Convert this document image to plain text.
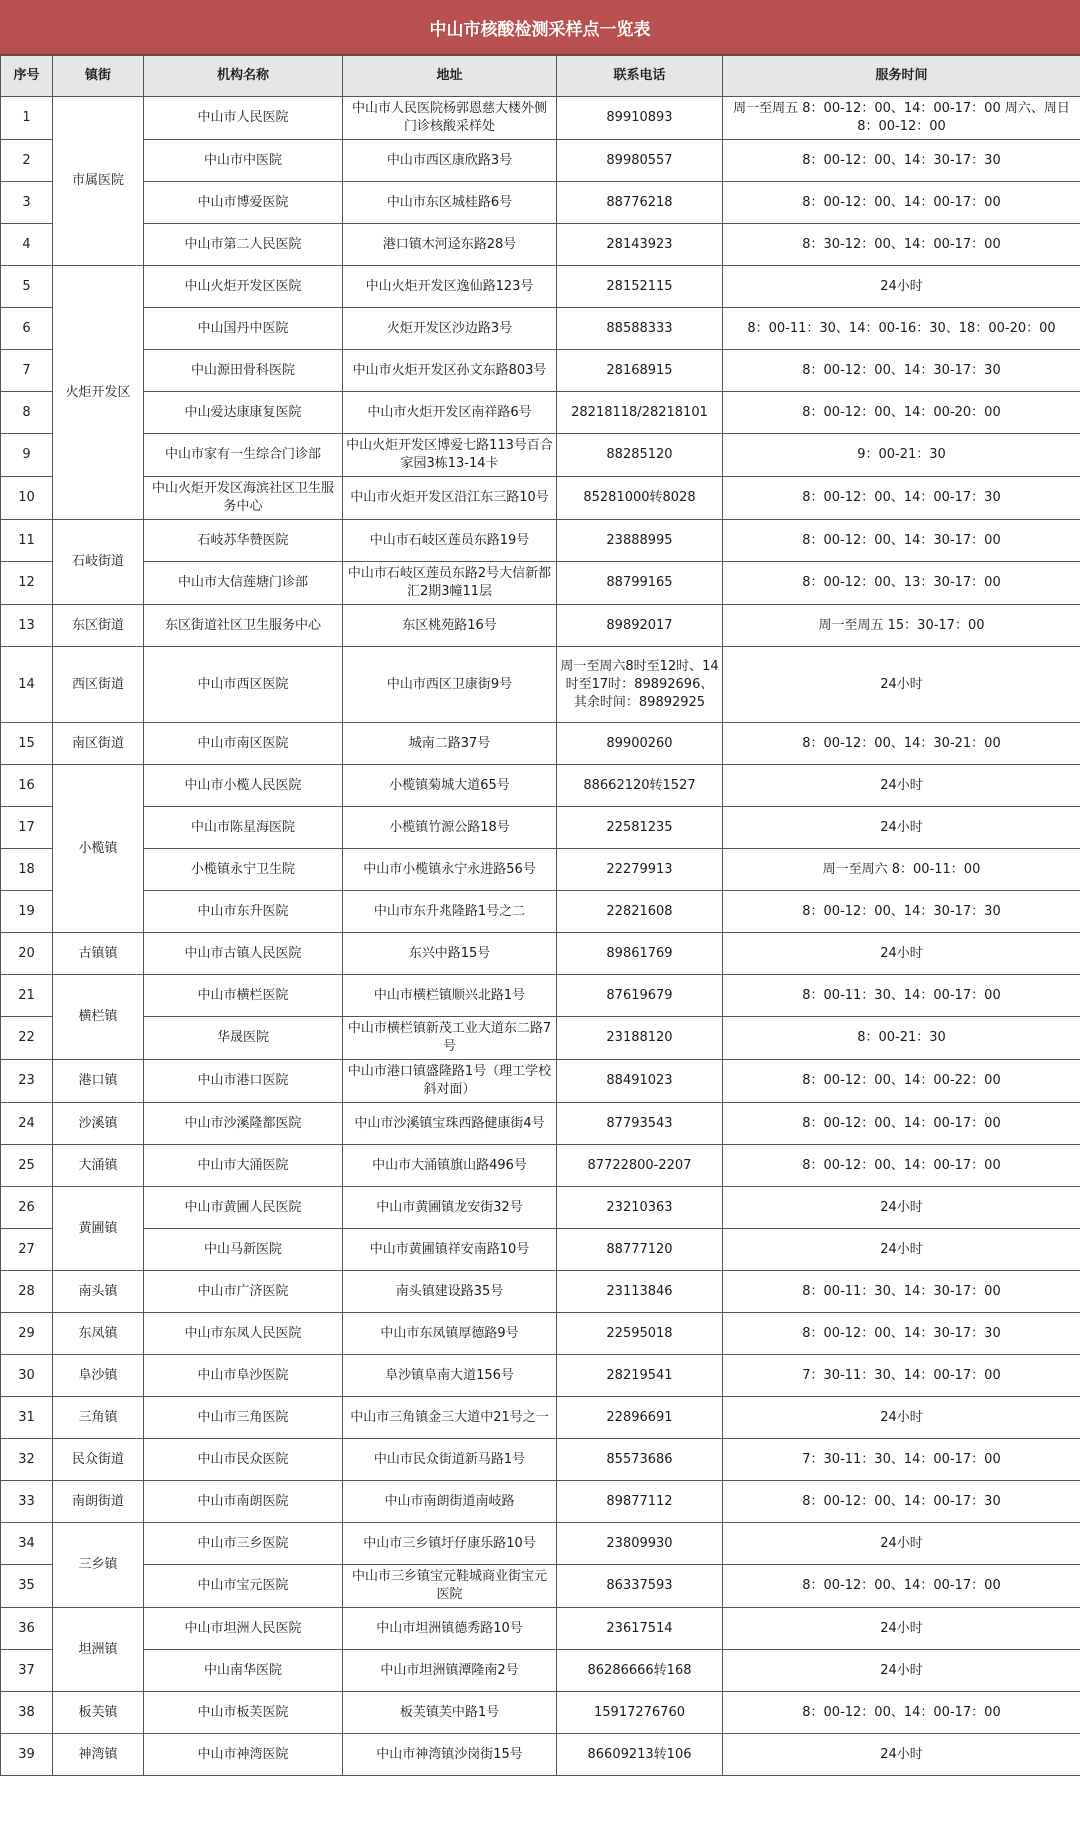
中山市核酸检测采样点一览表
序号	镇街	机构名称	地址	联系电话	服务时间
1	市属医院	中山市人民医院	中山市人民医院杨郭恩慈大楼外侧门诊核酸采样处	89910893	周一至周五 8：00-12：00、14：00-17：00 周六、周日 8：00-12：00
2		中山市中医院	中山市西区康欣路3号	89980557	8：00-12：00、14：30-17：30
3		中山市博爱医院	中山市东区城桂路6号	88776218	8：00-12：00、14：00-17：00
4		中山市第二人民医院	港口镇木河迳东路28号	28143923	8：30-12：00、14：00-17：00
5	火炬开发区	中山火炬开发区医院	中山火炬开发区逸仙路123号	28152115	24小时
6		中山国丹中医院	火炬开发区沙边路3号	88588333	8：00-11：30、14：00-16：30、18：00-20：00
7		中山源田骨科医院	中山市火炬开发区孙文东路803号	28168915	8：00-12：00、14：30-17：30
8		中山爱达康康复医院	中山市火炬开发区南祥路6号	28218118/28218101	8：00-12：00、14：00-20：00
9		中山市家有一生综合门诊部	中山火炬开发区博爱七路113号百合家园3栋13-14卡	88285120	9：00-21：30
10		中山火炬开发区海滨社区卫生服务中心	中山市火炬开发区沿江东三路10号	85281000转8028	8：00-12：00、14：00-17：30
11	石岐街道	石岐苏华赞医院	中山市石岐区莲员东路19号	23888995	8：00-12：00、14：30-17：00
12		中山市大信莲塘门诊部	中山市石岐区莲员东路2号大信新都汇2期3幢11层	88799165	8：00-12：00、13：30-17：00
13	东区街道	东区街道社区卫生服务中心	东区桃苑路16号	89892017	周一至周五 15：30-17：00
14	西区街道	中山市西区医院	中山市西区卫康街9号	周一至周六8时至12时、14时至17时：89892696、其余时间：89892925	24小时
15	南区街道	中山市南区医院	城南二路37号	89900260	8：00-12：00、14：30-21：00
16	小榄镇	中山市小榄人民医院	小榄镇菊城大道65号	88662120转1527	24小时
17		中山市陈星海医院	小榄镇竹源公路18号	22581235	24小时
18		小榄镇永宁卫生院	中山市小榄镇永宁永进路56号	22279913	周一至周六 8：00-11：00
19		中山市东升医院	中山市东升兆隆路1号之二	22821608	8：00-12：00、14：30-17：30
20	古镇镇	中山市古镇人民医院	东兴中路15号	89861769	24小时
21	横栏镇	中山市横栏医院	中山市横栏镇顺兴北路1号	87619679	8：00-11：30、14：00-17：00
22		华晟医院	中山市横栏镇新茂工业大道东二路7号	23188120	8：00-21：30
23	港口镇	中山市港口医院	中山市港口镇盛隆路1号（理工学校斜对面）	88491023	8：00-12：00、14：00-22：00
24	沙溪镇	中山市沙溪隆都医院	中山市沙溪镇宝珠西路健康街4号	87793543	8：00-12：00、14：00-17：00
25	大涌镇	中山市大涌医院	中山市大涌镇旗山路496号	87722800-2207	8：00-12：00、14：00-17：00
26	黄圃镇	中山市黄圃人民医院	中山市黄圃镇龙安街32号	23210363	24小时
27		中山马新医院	中山市黄圃镇祥安南路10号	88777120	24小时
28	南头镇	中山市广济医院	南头镇建设路35号	23113846	8：00-11：30、14：30-17：00
29	东凤镇	中山市东凤人民医院	中山市东凤镇厚德路9号	22595018	8：00-12：00、14：30-17：30
30	阜沙镇	中山市阜沙医院	阜沙镇阜南大道156号	28219541	7：30-11：30、14：00-17：00
31	三角镇	中山市三角医院	中山市三角镇金三大道中21号之一	22896691	24小时
32	民众街道	中山市民众医院	中山市民众街道新马路1号	85573686	7：30-11：30、14：00-17：00
33	南朗街道	中山市南朗医院	中山市南朗街道南岐路	89877112	8：00-12：00、14：00-17：30
34	三乡镇	中山市三乡医院	中山市三乡镇圩仔康乐路10号	23809930	24小时
35		中山市宝元医院	中山市三乡镇宝元鞋城商业街宝元医院	86337593	8：00-12：00、14：00-17：00
36	坦洲镇	中山市坦洲人民医院	中山市坦洲镇德秀路10号	23617514	24小时
37		中山南华医院	中山市坦洲镇潭隆南2号	86286666转168	24小时
38	板芙镇	中山市板芙医院	板芙镇芙中路1号	15917276760	8：00-12：00、14：00-17：00
39	神湾镇	中山市神湾医院	中山市神湾镇沙岗街15号	86609213转106	24小时
